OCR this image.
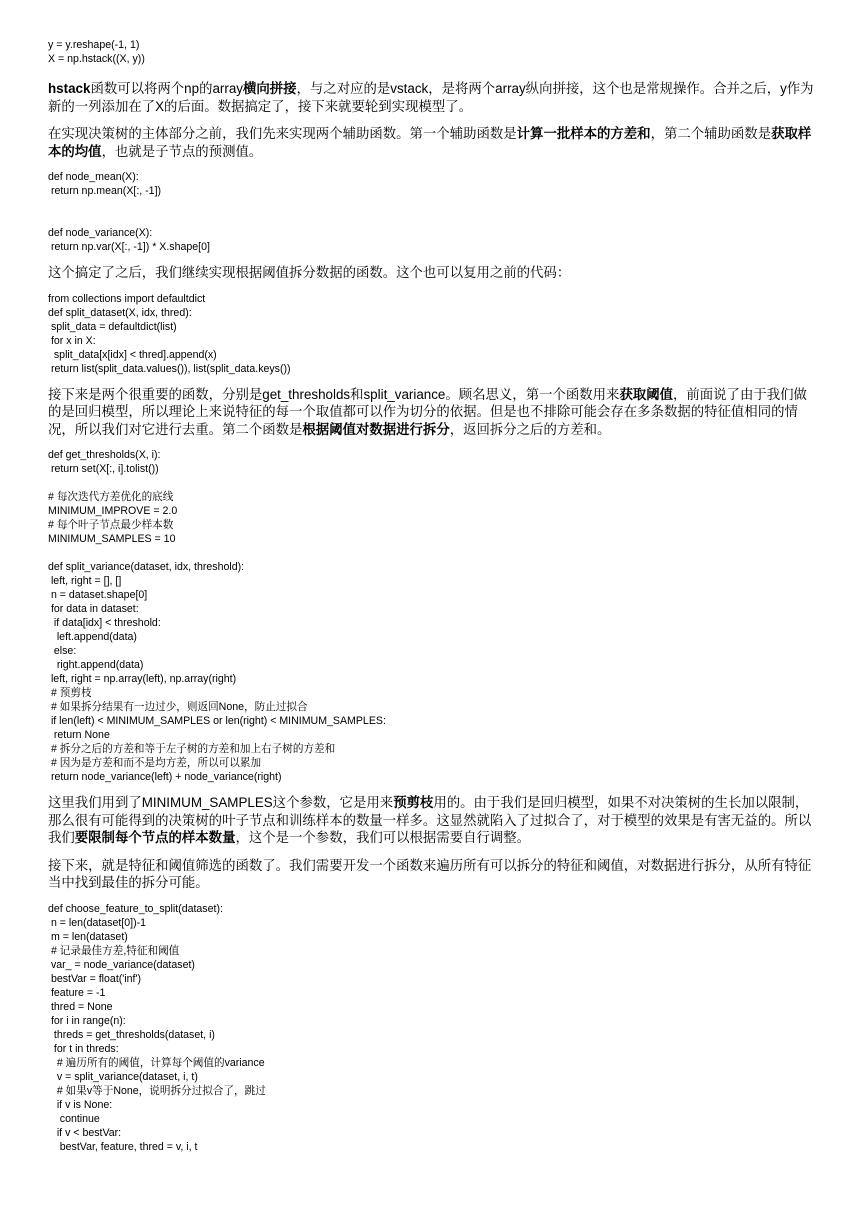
y = y.reshape(-1, 1)
X = np.hstack((X, y))

hstack函数可以将两个np的array横向拼接，与之对应的是vstack，是将两个array纵向拼接，这个也是常规操作。合并之后，y作为新的一列添加在了X的后面。数据搞定了，接下来就要轮到实现模型了。

在实现决策树的主体部分之前，我们先来实现两个辅助函数。第一个辅助函数是计算一批样本的方差和，第二个辅助函数是获取样本的均值，也就是子节点的预测值。

def node_mean(X):
return np.mean(X[:, -1])

def node_variance(X):
return np.var(X[:, -1]) * X.shape[0]

这个搞定了之后，我们继续实现根据阈值拆分数据的函数。这个也可以复用之前的代码：

from collections import defaultdict
def split_dataset(X, idx, thred):
split_data = defaultdict(list)
for x in X:
split_data[x[idx] < thred].append(x)
return list(split_data.values()), list(split_data.keys())

接下来是两个很重要的函数，分别是get_thresholds和split_variance。顾名思义，第一个函数用来获取阈值，前面说了由于我们做的是回归模型，所以理论上来说特征的每一个取值都可以作为切分的依据。但是也不排除可能会存在多条数据的特征值相同的情况，所以我们对它进行去重。第二个函数是根据阈值对数据进行拆分，返回拆分之后的方差和。

def get_thresholds(X, i):
return set(X[:, i].tolist())

# 每次迭代方差优化的底线
MINIMUM_IMPROVE = 2.0
# 每个叶子节点最少样本数
MINIMUM_SAMPLES = 10

def split_variance(dataset, idx, threshold):
left, right = [], []
n = dataset.shape[0]
for data in dataset:
if data[idx] < threshold:
left.append(data)
else:
right.append(data)
left, right = np.array(left), np.array(right)
# 预剪枝
# 如果拆分结果有一边过少，则返回None，防止过拟合
if len(left) < MINIMUM_SAMPLES or len(right) < MINIMUM_SAMPLES:
return None
# 拆分之后的方差和等于左子树的方差和加上右子树的方差和
# 因为是方差和而不是均方差，所以可以累加
return node_variance(left) + node_variance(right)

这里我们用到了MINIMUM_SAMPLES这个参数，它是用来预剪枝用的。由于我们是回归模型，如果不对决策树的生长加以限制，那么很有可能得到的决策树的叶子节点和训练样本的数量一样多。这显然就陷入了过拟合了，对于模型的效果是有害无益的。所以我们要限制每个节点的样本数量，这个是一个参数，我们可以根据需要自行调整。

接下来，就是特征和阈值筛选的函数了。我们需要开发一个函数来遍历所有可以拆分的特征和阈值，对数据进行拆分，从所有特征当中找到最佳的拆分可能。

def choose_feature_to_split(dataset):
n = len(dataset[0])-1
m = len(dataset)
# 记录最佳方差,特征和阈值
var_ = node_variance(dataset)
bestVar = float('inf')
feature = -1
thred = None
for i in range(n):
threds = get_thresholds(dataset, i)
for t in threds:
# 遍历所有的阈值，计算每个阈值的variance
v = split_variance(dataset, i, t)
# 如果v等于None，说明拆分过拟合了，跳过
if v is None:
continue
if v < bestVar:
bestVar, feature, thred = v, i, t
